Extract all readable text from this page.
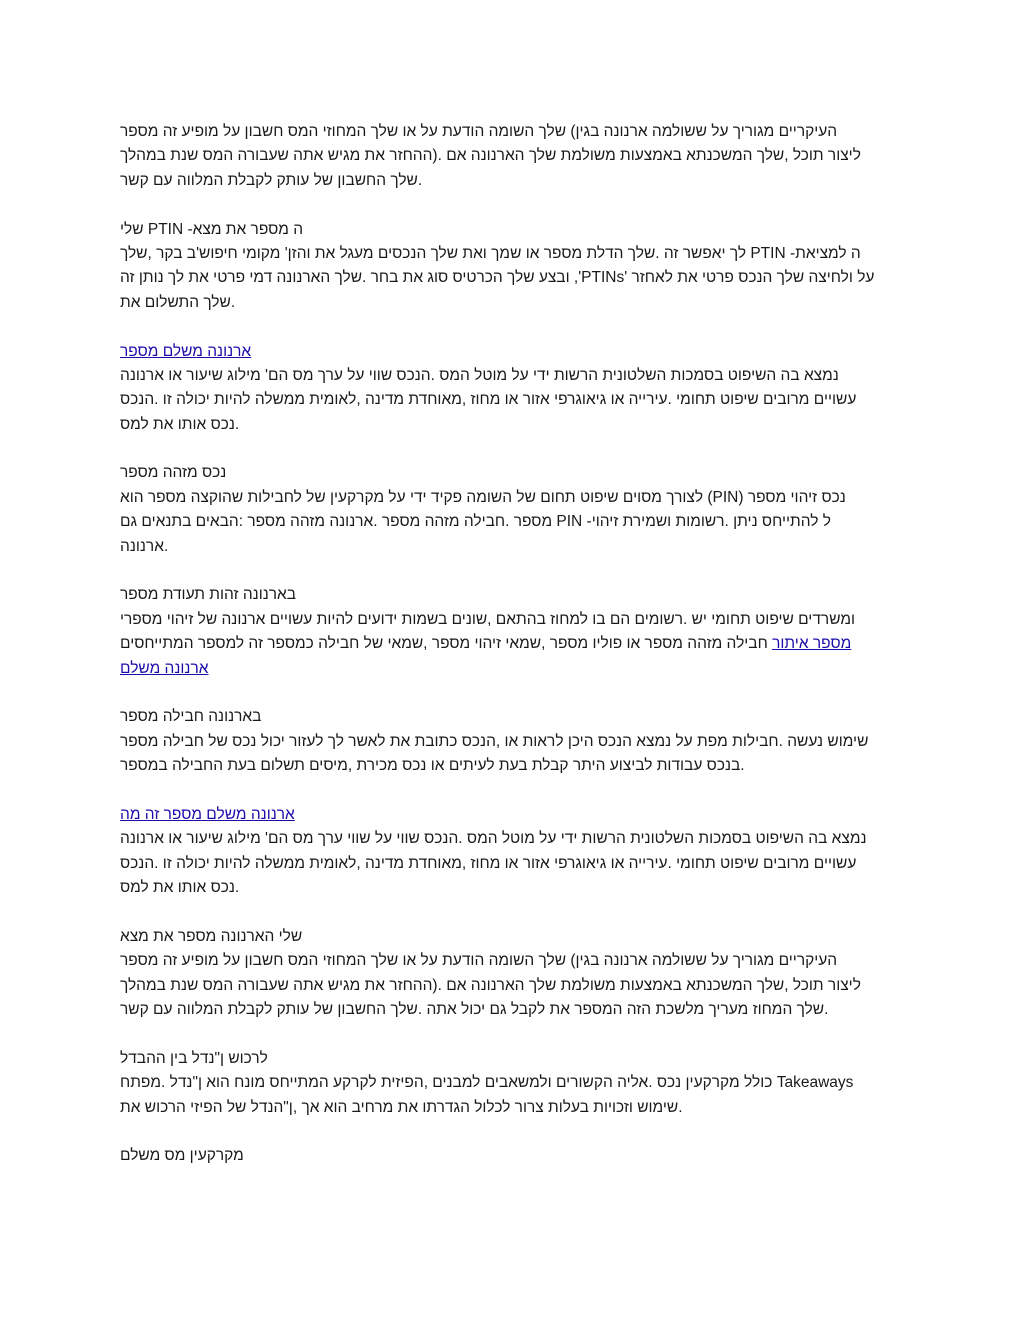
העיקריים מגוריך על ששולמה ארנונה בגין) שלך השומה הודעת על או שלך המחוזי המס חשבון על מופיע זה מספר
ליצור תוכל ,שלך המשכנתא באמצעות משולמת שלך הארנונה אם .(ההחזר את מגיש אתה שעבורה המס שנת במהלך
שלך החשבון של עותק לקבלת המלווה עם קשר.
שלי PTIN -ה מספר את מצא
לך יאפשר זה .שלך הדלת מספר או שמך ואת שלך הנכסים מעגל את והזן' מקומי חיפוש'ב בקר ,שלך PTIN -ה למציאת
ובצע שלך הכרטיס סוג את בחר .שלך הארנונה דמי פרטי את לך נותן זה ,'PTINs' על ולחיצה שלך הנכס פרטי את לאחזר
שלך התשלום את.
ארנונה משלם מספר
נמצא בה השיפוט בסמכות השלטונית הרשות ידי על מוטל המס .הנכס שווי על ערך מס הם' מילוג שיעור או ארנונה
עשויים מרובים שיפוט תחומי .עירייה או גיאוגרפי אזור או מחוז ,מאוחדת מדינה ,לאומית ממשלה להיות יכולה זו .הנכס
נכס אותו את למס.
נכס מזהה מספר
לצורך מסוים שיפוט תחום של השומה פקיד ידי על מקרקעין של לחבילות שהוקצה מספר הוא (PIN) נכס זיהוי מספר
מספר .חבילה מזהה מספר .ארנונה מזהה מספר :הבאים בתנאים גם PIN -ל להתייחס ניתן .רשומות ושמירת זיהוי
ארנונה.
בארנונה זהות תעודת מספר
ומשרדים שיפוט תחומי יש .רשומים הם בו למחוז בהתאם ,שונים בשמות ידועים להיות עשויים ארנונה של זיהוי מספרי
מספר איתור חבילה מזהה מספר או פוליו מספר ,שמאי זיהוי מספר ,שמאי של חבילה כמספר זה למספר המתייחסים
ארנונה משלם
בארנונה חבילה מספר
שימוש נעשה .חבילות מפת על נמצא הנכס היכן לראות או ,הנכס כתובת את לאשר לך לעזור יכול נכס של חבילה מספר
בנכס עבודות לביצוע היתר קבלת בעת לעיתים או נכס מכירת ,מיסים תשלום בעת החבילה במספר.
ארנונה משלם מספר זה מה
נמצא בה השיפוט בסמכות השלטונית הרשות ידי על מוטל המס .הנכס שווי על שווי ערך מס הם' מילוג שיעור או ארנונה
עשויים מרובים שיפוט תחומי .עירייה או גיאוגרפי אזור או מחוז ,מאוחדת מדינה ,לאומית ממשלה להיות יכולה זו .הנכס
נכס אותו את למס.
שלי הארנונה מספר את מצא
העיקריים מגוריך על ששולמה ארנונה בגין) שלך השומה הודעת על או שלך המחוזי המס חשבון על מופיע זה מספר
ליצור תוכל ,שלך המשכנתא באמצעות משולמת שלך הארנונה אם .(ההחזר את מגיש אתה שעבורה המס שנת במהלך
שלך המחוז מעריך מלשכת הזה המספר את לקבל גם יכול אתה .שלך החשבון של עותק לקבלת המלווה עם קשר.
לרכוש ן"נדל בין ההבדל
כולל מקרקעין נכס .אליה הקשורים ולמשאבים למבנים ,הפיזית לקרקע המתייחס מונח הוא ן"נדל .מפתח Takeaways
שימוש וזכויות בעלות צרור לכלול הגדרתו את מרחיב הוא אך ,ן"הנדל של הפיזי הרכוש את.
מקרקעין מס משלם
